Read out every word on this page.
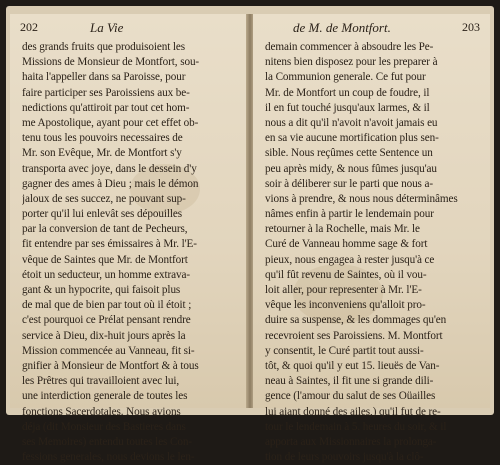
202	La Vie
des grands fruits que produisoient les
Missions de Monsieur de Montfort, sou-
haita l'appeller dans sa Paroisse, pour
faire participer ses Paroissiens aux be-
nedictions qu'attiroit par tout cet hom-
me Apostolique, ayant pour cet effet ob-
tenu tous les pouvoirs necessaires de
Mr. son Evêque, Mr. de Montfort s'y
transporta avec joye, dans le dessein d'y
gagner des ames à Dieu ; mais le démon
jaloux de ses succez, ne pouvant sup-
porter qu'il lui enlevât ses dépouilles
par la conversion de tant de Pecheurs,
fit entendre par ses émissaires à Mr. l'E-
vêque de Saintes que Mr. de Montfort
étoit un seducteur, un homme extrava-
gant & un hypocrite, qui faisoit plus
de mal que de bien par tout où il étoit ;
c'est pourquoi ce Prélat pensant rendre
service à Dieu, dix-huit jours après la
Mission commencée au Vanneau, fit si-
gnifier à Monsieur de Montfort & à tous
les Prêtres qui travailloient avec lui,
une interdiction generale de toutes les
fonctions Sacerdotales. Nous avions
déja (dit Monsieur des Bastieres dans
ses Memoires) entendu toutes les Con-
fessions generales, nous devions le len-
de M. de Montfort.	203
demain commencer à absoudre les Pe-
nitens bien disposez pour les preparer à
la Communion generale. Ce fut pour
Mr. de Montfort un coup de foudre, il
il en fut touché jusqu'aux larmes, & il
nous a dit qu'il n'avoit n'avoit jamais eu
en sa vie aucune mortification plus sen-
sible. Nous reçûmes cette Sentence un
peu après midy, & nous fûmes jusqu'au
soir à déliberer sur le parti que nous a-
vions à prendre, & nous nous déterminâmes
nâmes enfin à partir le lendemain pour
retourner à la Rochelle, mais Mr. le
Curé de Vanneau homme sage & fort
pieux, nous engagea à rester jusqu'à ce
qu'il fût revenu de Saintes, où il vou-
loit aller, pour representer à Mr. l'E-
vêque les inconveniens qu'alloit pro-
duire sa suspense, & les dommages qu'en
recevroient ses Paroissiens. M. Montfort
y consentit, le Curé partit tout aussi-
tôt, & quoi qu'il y eut 15. lieuës de Van-
neau à Saintes, il fit une si grande dili-
gence (l'amour du salut de ses Oüailles
lui aiant donné des ailes,) qu'il fut de re-
tour le lendemain à 5. heures du soir, & il
apporta aux Missionnaires la prolonga-
tion de leurs pouvoirs jusqu'à la clô-
